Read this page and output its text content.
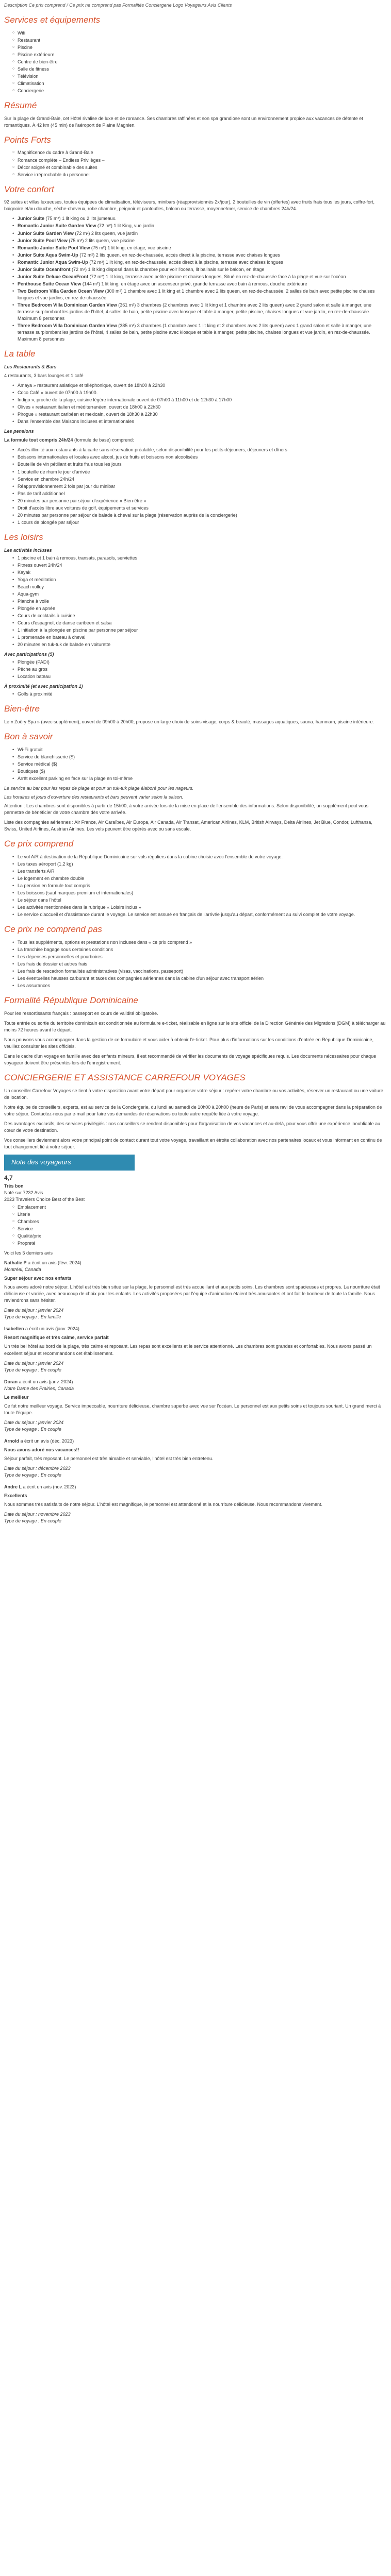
Description Ce prix comprend / Ce prix ne comprend pas Formalités Conciergerie Logo Voyageurs Avis Clients
Services et équipements
○ Wifi
○ Restaurant
○ Piscine
○ Piscine extérieure
○ Centre de bien-être
○ Salle de fitness
○ Télévision
○ Climatisation
○ Conciergerie
Résumé

Sur la plage de Grand-Baie, cet Hôtel rivalise de luxe et de romance. Ses chambres raffinées et son spa grandiose sont un environnement propice aux vacances de détente et romantiques. À 42 km (45 min) de l'aéroport de Plaine Magnien.

Points Forts
○ Magnificence du cadre à Grand-Baie
○ Romance complète – Endless Privilèges –
○ Décor soigné et combinable des suites
○ Service irréprochable du personnel
Votre confort

92 suites et villas luxueuses, toutes équipées de climatisation, téléviseurs, minibars (réapprovisionnés 2x/jour), 2 bouteilles de vin (offertes) avec fruits frais tous les jours, coffre-fort, baignoire et/ou douche, sèche-cheveux, robe chambre, peignoir et pantoufles, balcon ou terrasse, moyenne/mer, service de chambres 24h/24.

• Junior Suite (75 m²) 1 lit king ou 2 lits jumeaux.
• Romantic Junior Suite Garden View (72 m²) 1 lit King, vue jardin
• Junior Suite Garden View (72 m²) 2 lits queen, vue jardin
• Junior Suite Pool View (75 m²) 2 lits queen, vue piscine
• Romantic Junior Suite Pool View (75 m²) 1 lit king, en étage, vue piscine
• Junior Suite Aqua Swim-Up (72 m²) 2 lits queen, en rez-de-chaussée, accès direct à la piscine, terrasse avec chaises longues
• Romantic Junior Aqua Swim-Up (72 m²) 1 lit king, en rez-de-chaussée, accès direct à la piscine, terrasse avec chaises longues
• Junior Suite Oceanfront (72 m²) 1 lit king disposé dans la chambre pour voir l'océan, lit balinais sur le balcon, en étage
• Junior Suite Deluxe OceanFront (72 m²) 1 lit king, terrasse avec petite piscine et chaises longues, Situé en rez-de-chaussée face à la plage et vue sur l'océan
• Penthouse Suite Ocean View (144 m²) 1 lit king, en étage avec un ascenseur privé, grande terrasse avec bain à remous, douche extérieure
• Two Bedroom Villa Garden Ocean View (300 m²) 1 chambre avec 1 lit king et 1 chambre avec 2 lits queen, en rez-de-chaussée, 2 salles de bain avec petite piscine chaises longues et vue jardins, en rez-de-chaussée
• Three Bedroom Villa Dominican Garden View (361 m²) 3 chambres (2 chambres avec 1 lit king et 1 chambre avec 2 lits queen) avec 2 grand salon et salle à manger, une terrasse surplombant les jardins de l'hôtel, 4 salles de bain, petite piscine avec kiosque et table à manger, petite piscine, chaises longues et vue jardin, en rez-de-chaussée. Maximum 8 personnes
• Three Bedroom Villa Dominican Garden View (385 m²) 3 chambres (1 chambre avec 1 lit king et 2 chambres avec 2 lits queen) avec 1 grand salon et salle à manger, une terrasse surplombant les jardins de l'hôtel, 4 salles de bain, petite piscine avec kiosque et table à manger, petite piscine, chaises longues et vue jardin, en rez-de-chaussée. Maximum 8 personnes
La table
Les Restaurants & Bars

4 restaurants, 3 bars lounges et 1 café

• Amaya » restaurant asiatique et téléphonique, ouvert de 18h00 à 22h30
• Coco Café » ouvert de 07h00 à 19h00.
• Indigo », proche de la plage, cuisine légère internationale ouvert de 07h00 à 11h00 et de 12h30 à 17h00
• Olives » restaurant italien et méditerranéen, ouvert de 18h00 à 22h30
• Pirogue » restaurant caribéen et mexicain, ouvert de 18h30 à 22h30
• Dans l'ensemble des Maisons Incluses et internationales
Les pensions

La formule tout compris 24h/24 (formule de base) comprend:

• Accès illimité aux restaurants à la carte sans réservation préalable, selon disponibilité pour les petits déjeuners, déjeuners et dîners
• Boissons internationales et locales avec alcool, jus de fruits et boissons non alcoolisées
• Bouteille de vin pétillant et fruits frais tous les jours
• 1 bouteille de rhum le jour d'arrivée
• Service en chambre 24h/24
• Réapprovisionnement 2 fois par jour du minibar
• Pas de tarif additionnel
• 20 minutes par personne par séjour d'expérience « Bien-être »
• Droit d'accès libre aux voitures de golf, équipements et services
• 20 minutes par personne par séjour de balade à cheval sur la plage (réservation auprès de la conciergerie)
• 1 cours de plongée par séjour
Les loisirs
Les activités incluses
• 1 piscine et 1 bain à remous, transats, parasols, serviettes
• Fitness ouvert 24h/24
• Kayak
• Yoga et méditation
• Beach volley
• Aqua-gym
• Planche à voile
• Plongée en apnée
• Cours de cocktails à cuisine
• Cours d'espagnol, de danse caribéen et salsa
• 1 initiation à la plongée en piscine par personne par séjour
• 1 promenade en bateau à cheval
• 20 minutes en tuk-tuk de balade en voiturette
Avec participations (5)
• Plongée (PADI)
• Pêche au gros
• Location bateau
À proximité (et avec participation 1)
• Golfs à proximité
Bien-être

Le « Zoëry Spa » (avec supplément), ouvert de 09h00 à 20h00, propose un large choix de soins visage, corps & beauté, massages aquatiques, sauna, hammam, piscine intérieure.

Bon à savoir
• Wi-Fi gratuit
• Service de blanchisserie ($)
• Service médical ($)
• Boutiques ($)
• Arrêt excellent parking en face sur la plage en toi-même

Le service au bar pour les repas de plage et pour un tuk-tuk plage élaboré pour les nageurs.

Les horaires et jours d'ouverture des restaurants et bars peuvent varier selon la saison.

Attention : Les chambres sont disponibles à partir de 15h00, à votre arrivée lors de la mise en place de l'ensemble des informations. Selon disponibilité, un supplément peut vous permettre de bénéficier de votre chambre dès votre arrivée.

Liste des compagnies aériennes : Air France, Air Caraïbes, Air Europa, Air Canada, Air Transat, American Airlines, KLM, British Airways, Delta Airlines, Jet Blue, Condor, Lufthansa, Swiss, United Airlines, Austrian Airlines. Les vols peuvent être opérés avec ou sans escale.

Ce prix comprend
• Le vol A/R à destination de la République Dominicaine sur vols réguliers dans la cabine choisie avec l'ensemble de votre voyage.
• Les taxes aéroport (1,2 kg)
• Les transferts A/R
• Le logement en chambre double
• La pension en formule tout compris
• Les boissons (sauf marques premium et internationales)
• Le séjour dans l'hôtel
• Les activités mentionnées dans la rubrique « Loisirs inclus »
• Le service d'accueil et d'assistance durant le voyage. Le service est assuré en français de l'arrivée jusqu'au départ, conformément au suivi complet de votre voyage.
Ce prix ne comprend pas
• Tous les suppléments, options et prestations non incluses dans « ce prix comprend »
• La franchise bagage sous certaines conditions
• Les dépenses personnelles et pourboires
• Les frais de dossier et autres frais
• Les frais de rescadron formalités administratives (visas, vaccinations, passeport)
• Les éventuelles hausses carburant et taxes des compagnies aériennes dans la cabine d'un séjour avec transport aérien
• Les assurances
Formalité République Dominicaine

Pour les ressortissants français : passeport en cours de validité obligatoire.

Toute entrée ou sortie du territoire dominicain est conditionnée au formulaire e-ticket, réalisable en ligne sur le site officiel de la Direction Générale des Migrations (DGM) à télécharger au moins 72 heures avant le départ.

Nous pouvons vous accompagner dans la gestion de ce formulaire et vous aider à obtenir l'e-ticket. Pour plus d'informations sur les conditions d'entrée en République Dominicaine, veuillez consulter les sites officiels.

Dans le cadre d'un voyage en famille avec des enfants mineurs, il est recommandé de vérifier les documents de voyage spécifiques requis. Les documents nécessaires pour chaque voyageur doivent être présentés lors de l'enregistrement.

CONCIERGERIE ET ASSISTANCE CARREFOUR VOYAGES

Un conseiller Carrefour Voyages se tient à votre disposition avant votre départ pour organiser votre séjour : repérer votre chambre ou vos activités, réserver un restaurant ou une voiture de location.

Notre équipe de conseillers, experts, est au service de la Conciergerie, du lundi au samedi de 10h00 à 20h00 (heure de Paris) et sera ravi de vous accompagner dans la préparation de votre séjour. Contactez-nous par e-mail pour faire vos demandes de réservations ou toute autre requête liée à votre voyage.

Des avantages exclusifs, des services privilégiés : nos conseillers se rendent disponibles pour l'organisation de vos vacances et au-delà, pour vous offrir une expérience inoubliable au cœur de votre destination.

Vos conseillers deviennent alors votre principal point de contact durant tout votre voyage, travaillant en étroite collaboration avec nos partenaires locaux et vous informant en continu de tout changement lié à votre séjour.

Note des voyageurs
4,7
Très bon
Noté sur 7232 Avis
2023 Travelers Choice Best of the Best
○ Emplacement
○ Literie
○ Chambres
○ Service
○ Qualité/prix
○ Propreté

Voici les 5 derniers avis

Nathalie P a écrit un avis (févr. 2024)
Montréal, Canada
Super séjour avec nos enfants

Nous avons adoré notre séjour. L'hôtel est très bien situé sur la plage, le personnel est très accueillant et aux petits soins. Les chambres sont spacieuses et propres. La nourriture était délicieuse et variée, avec beaucoup de choix pour les enfants. Les activités proposées par l'équipe d'animation étaient très amusantes et ont fait le bonheur de toute la famille. Nous reviendrons sans hésiter.

Date du séjour : janvier 2024
Type de voyage : En famille
Isabellen a écrit un avis (janv. 2024)
Resort magnifique et très calme, service parfait

Un très bel hôtel au bord de la plage, très calme et reposant. Les repas sont excellents et le service attentionné. Les chambres sont grandes et confortables. Nous avons passé un excellent séjour et recommandons cet établissement.

Date du séjour : janvier 2024
Type de voyage : En couple
Doran a écrit un avis (janv. 2024)
Notre Dame des Prairies, Canada
Le meilleur

Ce fut notre meilleur voyage. Service impeccable, nourriture délicieuse, chambre superbe avec vue sur l'océan. Le personnel est aux petits soins et toujours souriant. Un grand merci à toute l'équipe.

Date du séjour : janvier 2024
Type de voyage : En couple
Arnold a écrit un avis (déc. 2023)
Nous avons adoré nos vacances!!

Séjour parfait, très reposant. Le personnel est très aimable et serviable, l'hôtel est très bien entretenu.

Date du séjour : décembre 2023
Type de voyage : En couple
Andre L a écrit un avis (nov. 2023)
Excellents

Nous sommes très satisfaits de notre séjour. L'hôtel est magnifique, le personnel est attentionné et la nourriture délicieuse. Nous recommandons vivement.

Date du séjour : novembre 2023
Type de voyage : En couple
